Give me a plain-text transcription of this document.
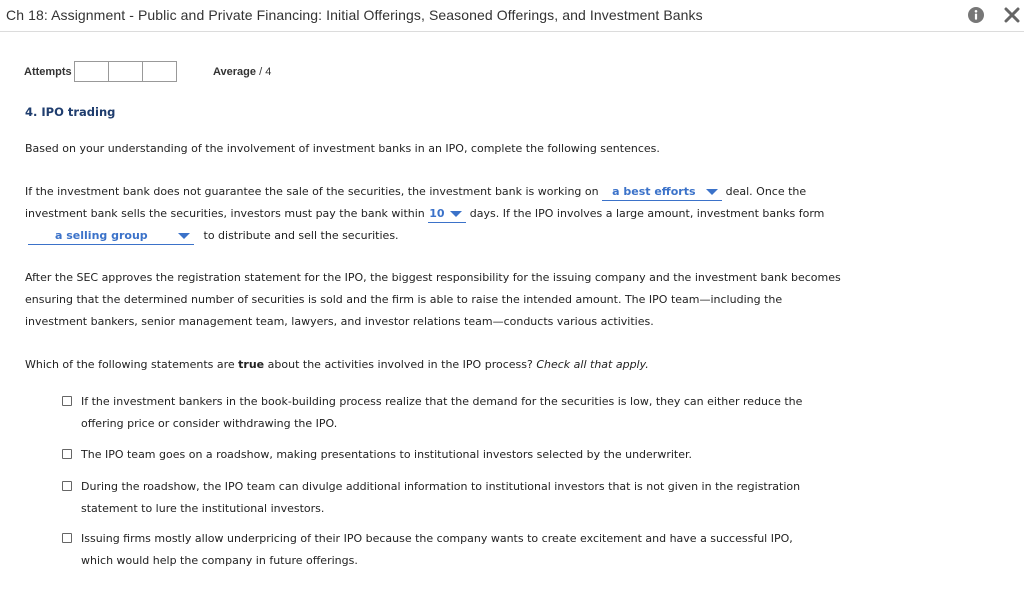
Ch 18: Assignment - Public and Private Financing: Initial Offerings, Seasoned Offerings, and Investment Banks
Attempts	Average / 4
4. IPO trading
Based on your understanding of the involvement of investment banks in an IPO, complete the following sentences.
If the investment bank does not guarantee the sale of the securities, the investment bank is working on a best efforts	deal. Once the investment bank sells the securities, investors must pay the bank within 10 days. If the IPO involves a large amount, investment banks form
a selling group	to distribute and sell the securities.
After the SEC approves the registration statement for the IPO, the biggest responsibility for the issuing company and the investment bank becomes ensuring that the determined number of securities is sold and the firm is able to raise the intended amount. The IPO team—including the investment bankers, senior management team, lawyers, and investor relations team—conducts various activities.
Which of the following statements are true about the activities involved in the IPO process? Check all that apply.
If the investment bankers in the book-building process realize that the demand for the securities is low, they can either reduce the offering price or consider withdrawing the IPO.
The IPO team goes on a roadshow, making presentations to institutional investors selected by the underwriter.
During the roadshow, the IPO team can divulge additional information to institutional investors that is not given in the registration statement to lure the institutional investors.
Issuing firms mostly allow underpricing of their IPO because the company wants to create excitement and have a successful IPO, which would help the company in future offerings.
